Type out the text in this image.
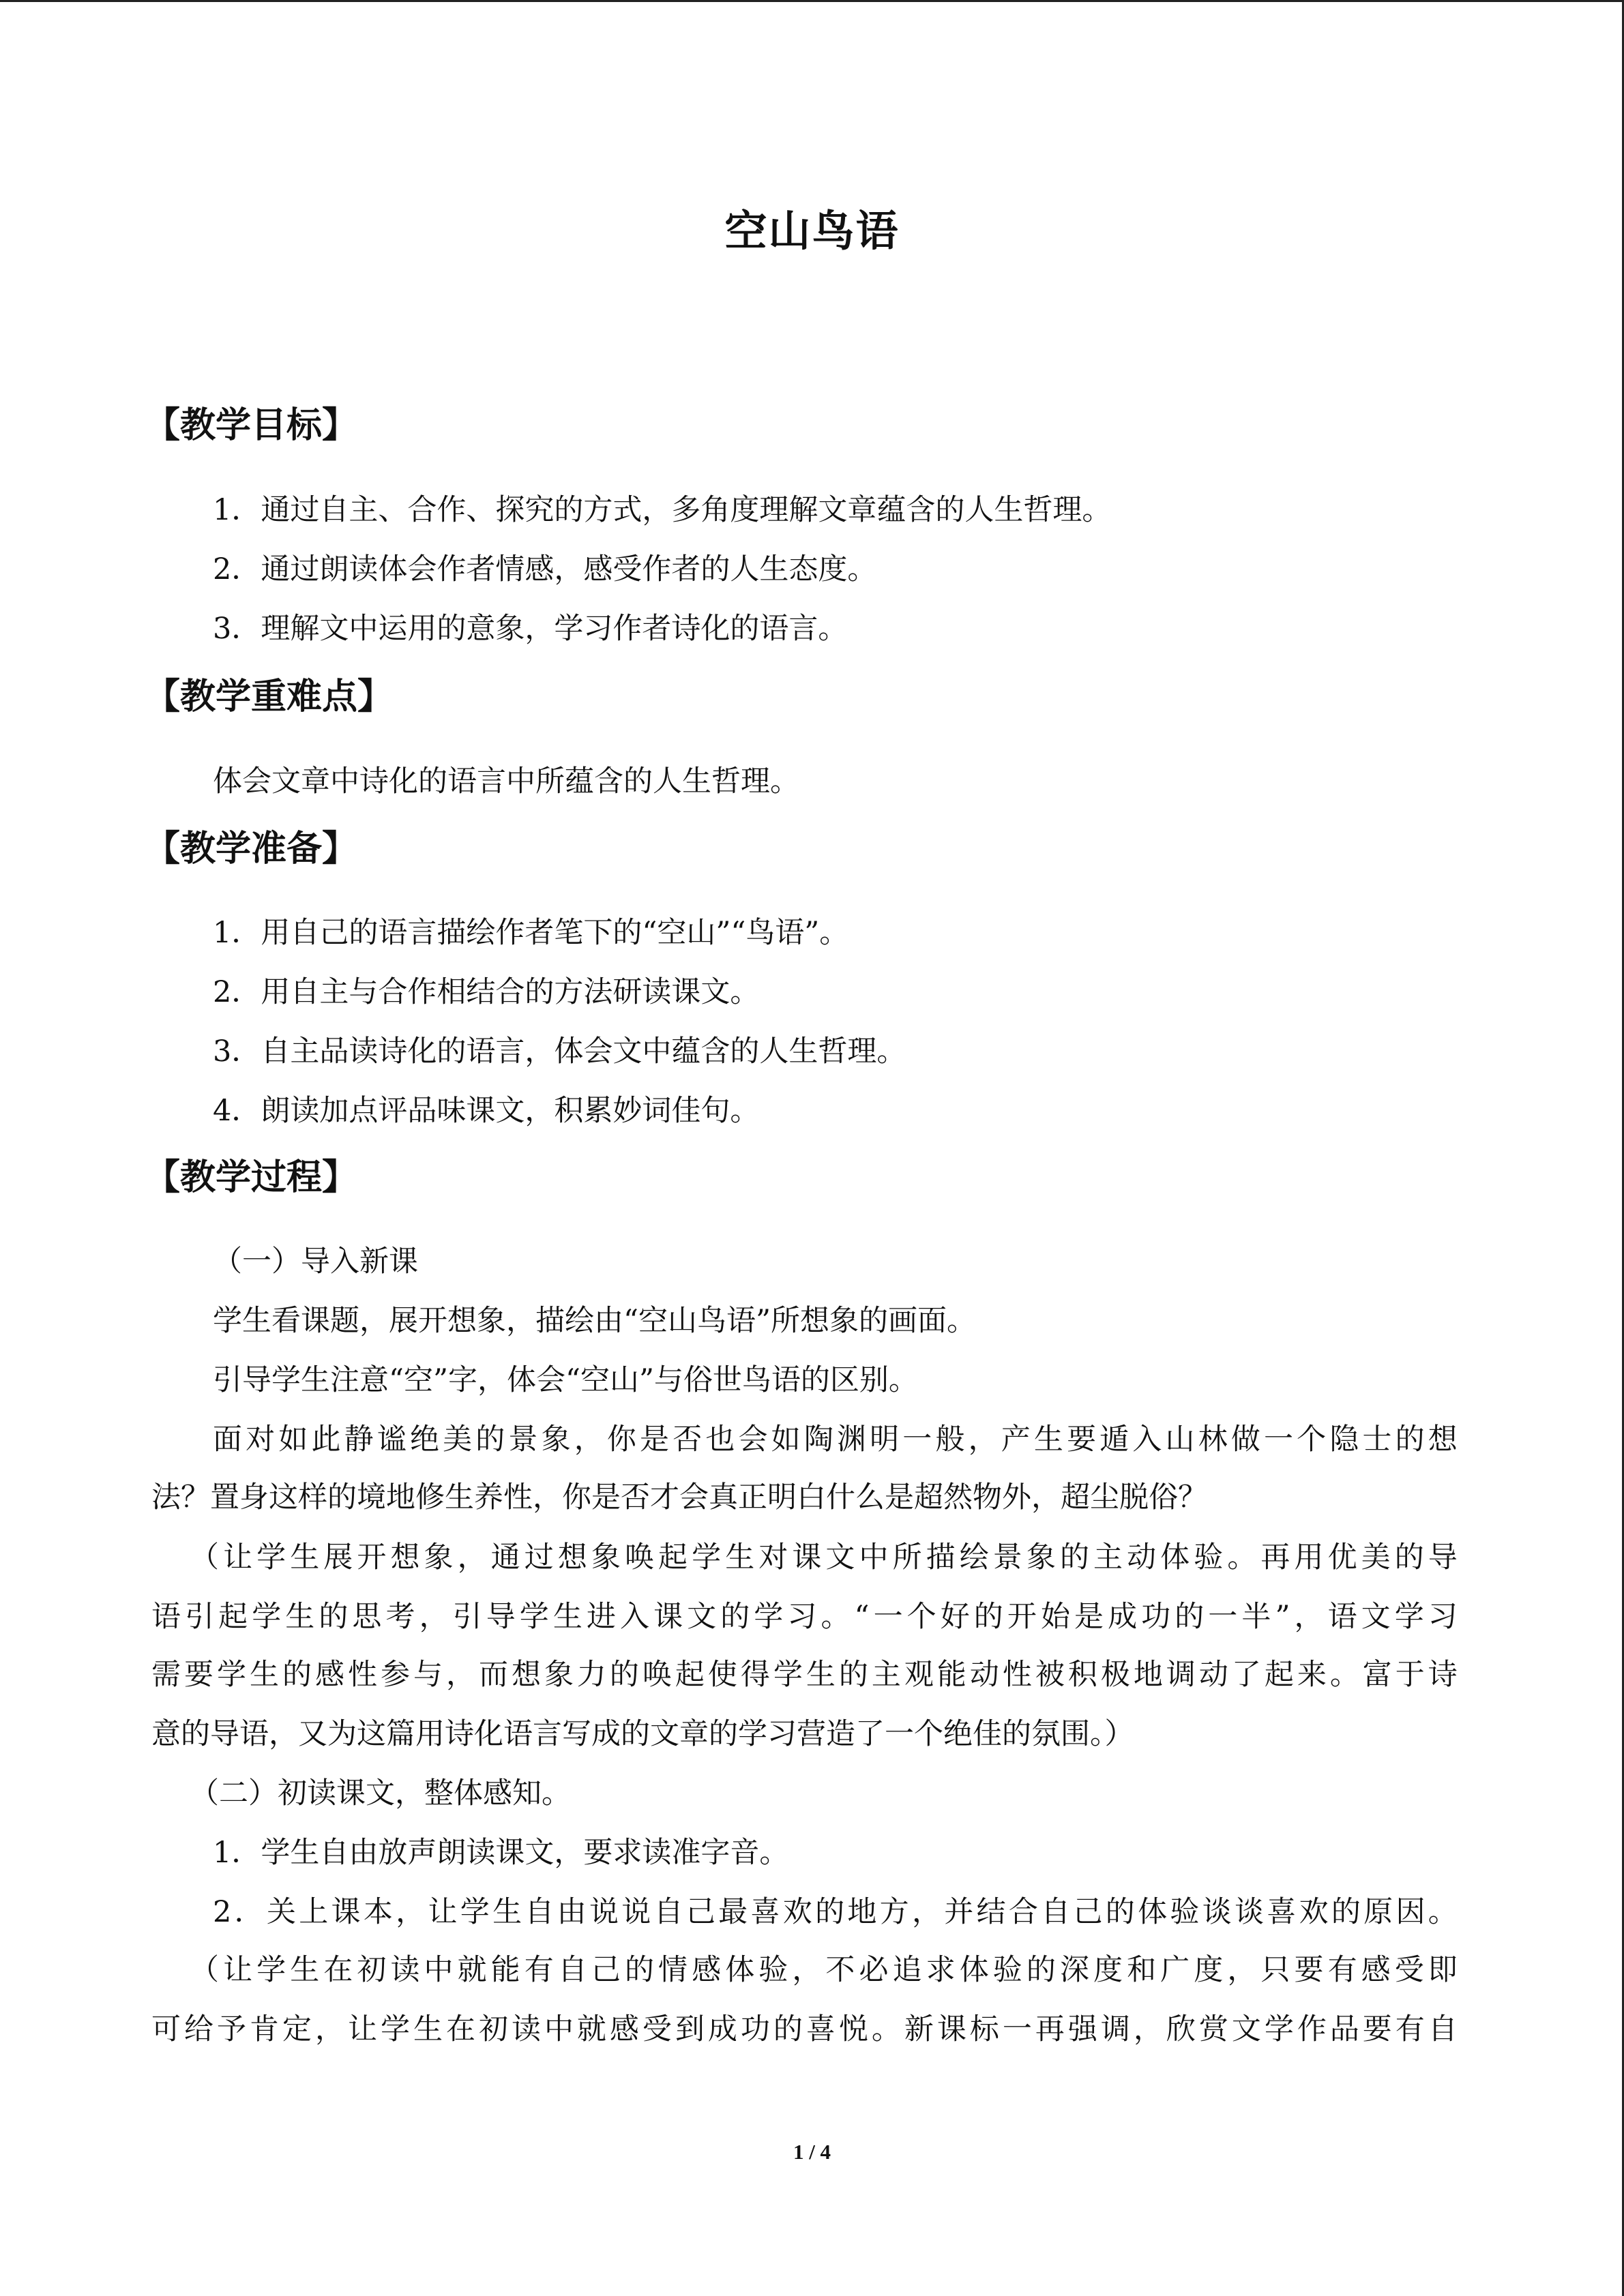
空山鸟语
【教学目标】
1．通过自主、合作、探究的方式，多角度理解文章蕴含的人生哲理。
2．通过朗读体会作者情感，感受作者的人生态度。
3．理解文中运用的意象，学习作者诗化的语言。
【教学重难点】
体会文章中诗化的语言中所蕴含的人生哲理。
【教学准备】
1．用自己的语言描绘作者笔下的“空山”“鸟语”。
2．用自主与合作相结合的方法研读课文。
3．自主品读诗化的语言，体会文中蕴含的人生哲理。
4．朗读加点评品味课文，积累妙词佳句。
【教学过程】
（一）导入新课
学生看课题，展开想象，描绘由“空山鸟语”所想象的画面。
引导学生注意“空”字，体会“空山”与俗世鸟语的区别。
面对如此静谧绝美的景象，你是否也会如陶渊明一般，产生要遁入山林做一个隐士的想
法？置身这样的境地修生养性，你是否才会真正明白什么是超然物外，超尘脱俗？
（让学生展开想象，通过想象唤起学生对课文中所描绘景象的主动体验。再用优美的导
语引起学生的思考，引导学生进入课文的学习。“一个好的开始是成功的一半”，语文学习
需要学生的感性参与，而想象力的唤起使得学生的主观能动性被积极地调动了起来。富于诗
意的导语，又为这篇用诗化语言写成的文章的学习营造了一个绝佳的氛围。）
（二）初读课文，整体感知。
1．学生自由放声朗读课文，要求读准字音。
2．关上课本，让学生自由说说自己最喜欢的地方，并结合自己的体验谈谈喜欢的原因。
（让学生在初读中就能有自己的情感体验，不必追求体验的深度和广度，只要有感受即
可给予肯定，让学生在初读中就感受到成功的喜悦。新课标一再强调，欣赏文学作品要有自
1 / 4
